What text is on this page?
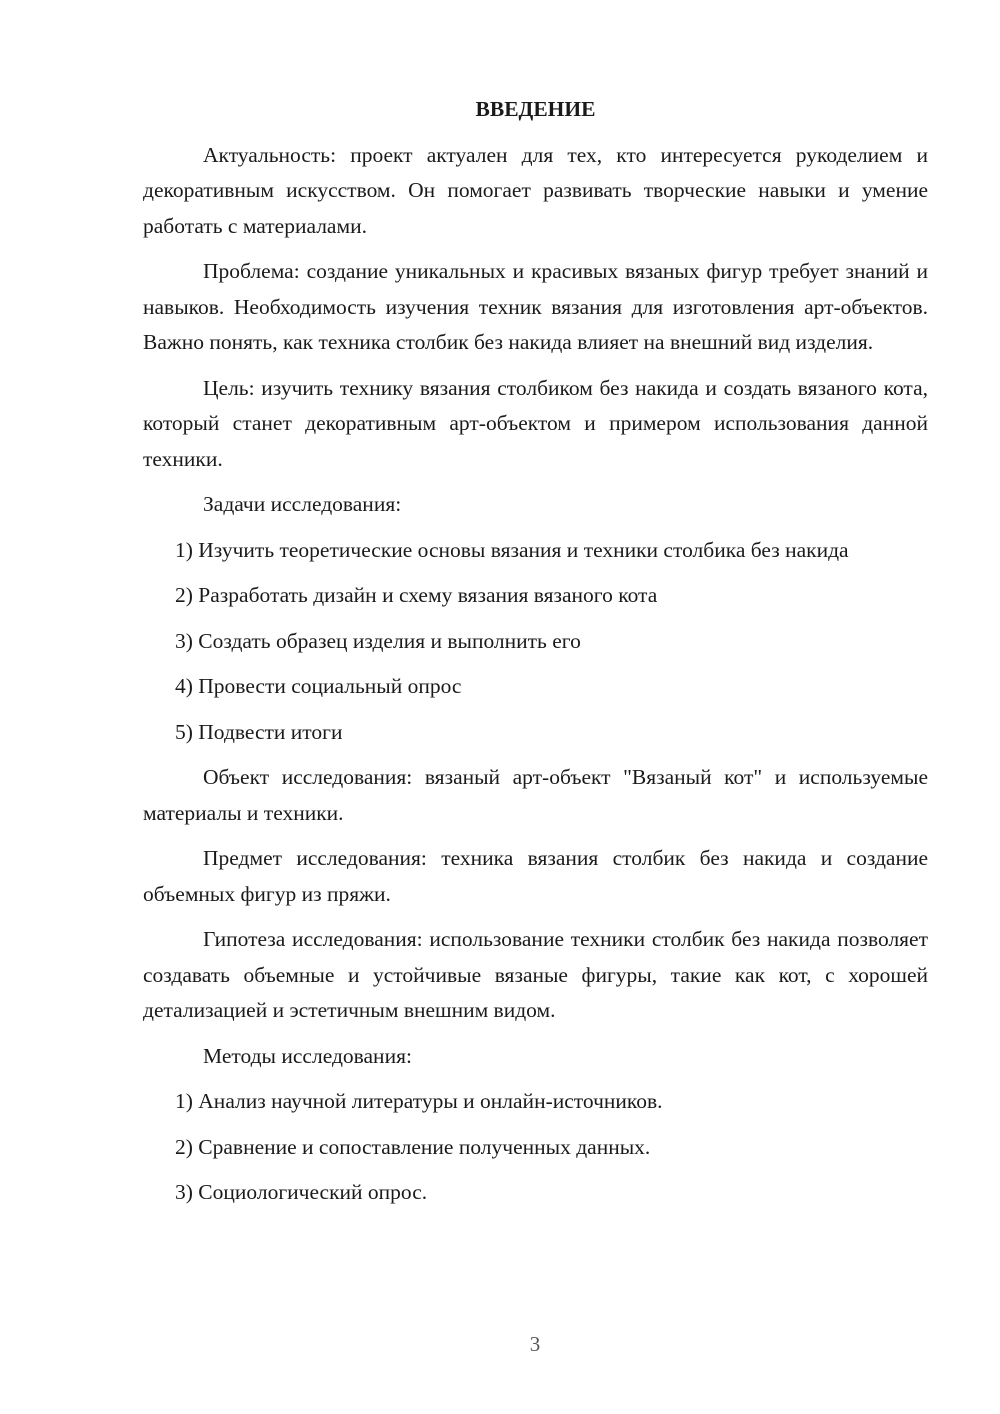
ВВЕДЕНИЕ

Актуальность: проект актуален для тех, кто интересуется рукоделием и декоративным искусством. Он помогает развивать творческие навыки и умение работать с материалами.

Проблема: создание уникальных и красивых вязаных фигур требует знаний и навыков. Необходимость изучения техник вязания для изготовления арт-объектов. Важно понять, как техника столбик без накида влияет на внешний вид изделия.

Цель: изучить технику вязания столбиком без накида и создать вязаного кота, который станет декоративным арт-объектом и примером использования данной техники.

Задачи исследования:

1) Изучить теоретические основы вязания и техники столбика без накида

2) Разработать дизайн и схему вязания вязаного кота

3) Создать образец изделия и выполнить его

4) Провести социальный опрос

5) Подвести итоги

Объект исследования: вязаный арт-объект "Вязаный кот" и используемые материалы и техники.

Предмет исследования: техника вязания столбик без накида и создание объемных фигур из пряжи.

Гипотеза исследования: использование техники столбик без накида позволяет создавать объемные и устойчивые вязаные фигуры, такие как кот, с хорошей детализацией и эстетичным внешним видом.

Методы исследования:

1) Анализ научной литературы и онлайн-источников.

2) Сравнение и сопоставление полученных данных.

3) Социологический опрос.

3
